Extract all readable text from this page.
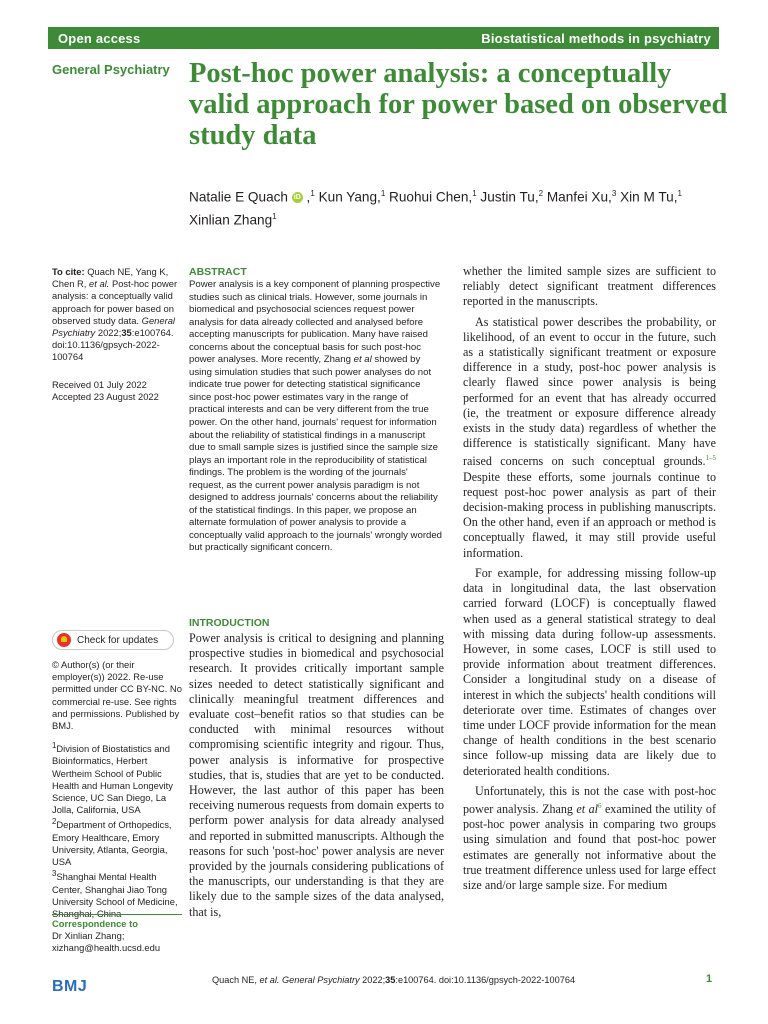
Open access	Biostatistical methods in psychiatry
General Psychiatry Post-hoc power analysis: a conceptually valid approach for power based on observed study data
Natalie E Quach iD ,$^1$ Kun Yang,$^1$ Ruohui Chen,$^1$ Justin Tu,$^2$ Manfei Xu,$^3$ Xin M Tu,$^1$
Xinlian Zhang$^1$

To cite: Quach NE, Yang K, Chen R, et al. Post-hoc power analysis: a conceptually valid approach for power based on observed study data. General Psychiatry 2022;35:e100764. doi:10.1136/gpsych-2022-100764

Received 01 July 2022

Accepted 23 August 2022

Check for updates

© Author(s) (or their employer(s)) 2022. Re-use permitted under CC BY-NC. No commercial re-use. See rights and permissions. Published by BMJ.

$^1$Division of Biostatistics and Bioinformatics, Herbert Wertheim School of Public Health and Human Longevity Science, UC San Diego, La Jolla, California, USA

$^2$Department of Orthopedics, Emory Healthcare, Emory University, Atlanta, Georgia, USA

$^3$Shanghai Mental Health Center, Shanghai Jiao Tong University School of Medicine,

Correspondence to

Dr Xinlian Zhang;

xizhang@health.ucsd.edu

ABSTRACT

Power analysis is a key component of planning prospective studies such as clinical trials. However, some journals in biomedical and psychosocial sciences request power analysis for data already collected and analysed before accepting manuscripts for publication. Many have raised concerns about the conceptual basis for such post-hoc power analyses. More recently, Zhang et al showed by using simulation studies that such power analyses do not indicate true power for detecting statistical significance since post-hoc power estimates vary in the range of practical interests and can be very different from the true power. On the other hand, journals' request for information about the reliability of statistical findings in a manuscript due to small sample sizes is justified since the sample size plays an important role in the reproducibility of statistical findings. The problem is the wording of the journals' request, as the current power analysis paradigm is not designed to address journals' concerns about the reliability of the statistical findings. In this paper, we propose an alternate formulation of power analysis to provide a conceptually valid approach to the journals' wrongly worded but practically significant concern.

INTRODUCTION

Power analysis is critical to designing and planning prospective studies in biomedical and psychosocial research. It provides critically important sample sizes needed to detect statistically significant and clinically meaningful treatment differences and evaluate cost–benefit ratios so that studies can be conducted with minimal resources without compromising scientific integrity and rigour. Thus, power analysis is informative for prospective studies, that is, studies that are yet to be conducted. However, the last author of this paper has been receiving numerous requests from domain experts to perform power analysis for data already analysed and reported in submitted manuscripts. Although the reasons for such 'post-hoc' power analysis are never provided by the journals considering publications of the manuscripts, our understanding is that they are likely due to the sample sizes of the data analysed, that is,

whether the limited sample sizes are sufficient to reliably detect significant treatment differences reported in the manuscripts.

As statistical power describes the probability, or likelihood, of an event to occur in the future, such as a statistically significant treatment or exposure difference in a study, post-hoc power analysis is clearly flawed since power analysis is being performed for an event that has already occurred (ie, the treatment or exposure difference already exists in the study data) regardless of whether the difference is statistically significant. Many have raised concerns on such conceptual grounds.$^{1-5}$ Despite these efforts, some journals continue to request post-hoc power analysis as part of their decision-making process in publishing manuscripts. On the other hand, even if an approach or method is conceptually flawed, it may still provide useful information.

For example, for addressing missing follow-up data in longitudinal data, the last observation carried forward (LOCF) is conceptually flawed when used as a general statistical strategy to deal with missing data during follow-up assessments. However, in some cases, LOCF is still used to provide information about treatment differences. Consider a longitudinal study on a disease of interest in which the subjects' health conditions will deteriorate over time. Estimates of changes over time under LOCF provide information for the mean change of health conditions in the best scenario since follow-up missing data are likely due to deteriorated health conditions.

Unfortunately, this is not the case with post-hoc power analysis. Zhang et $al^6$ examined the utility of post-hoc power analysis in comparing two groups using simulation and found that post-hoc power estimates are generally not informative about the true treatment difference unless used for large effect size and/or large sample size. For medium

BMJ	Quach NE, et al. General Psychiatry 2022;35:e100764. doi:10.1136/gpsych-2022-100764	1
